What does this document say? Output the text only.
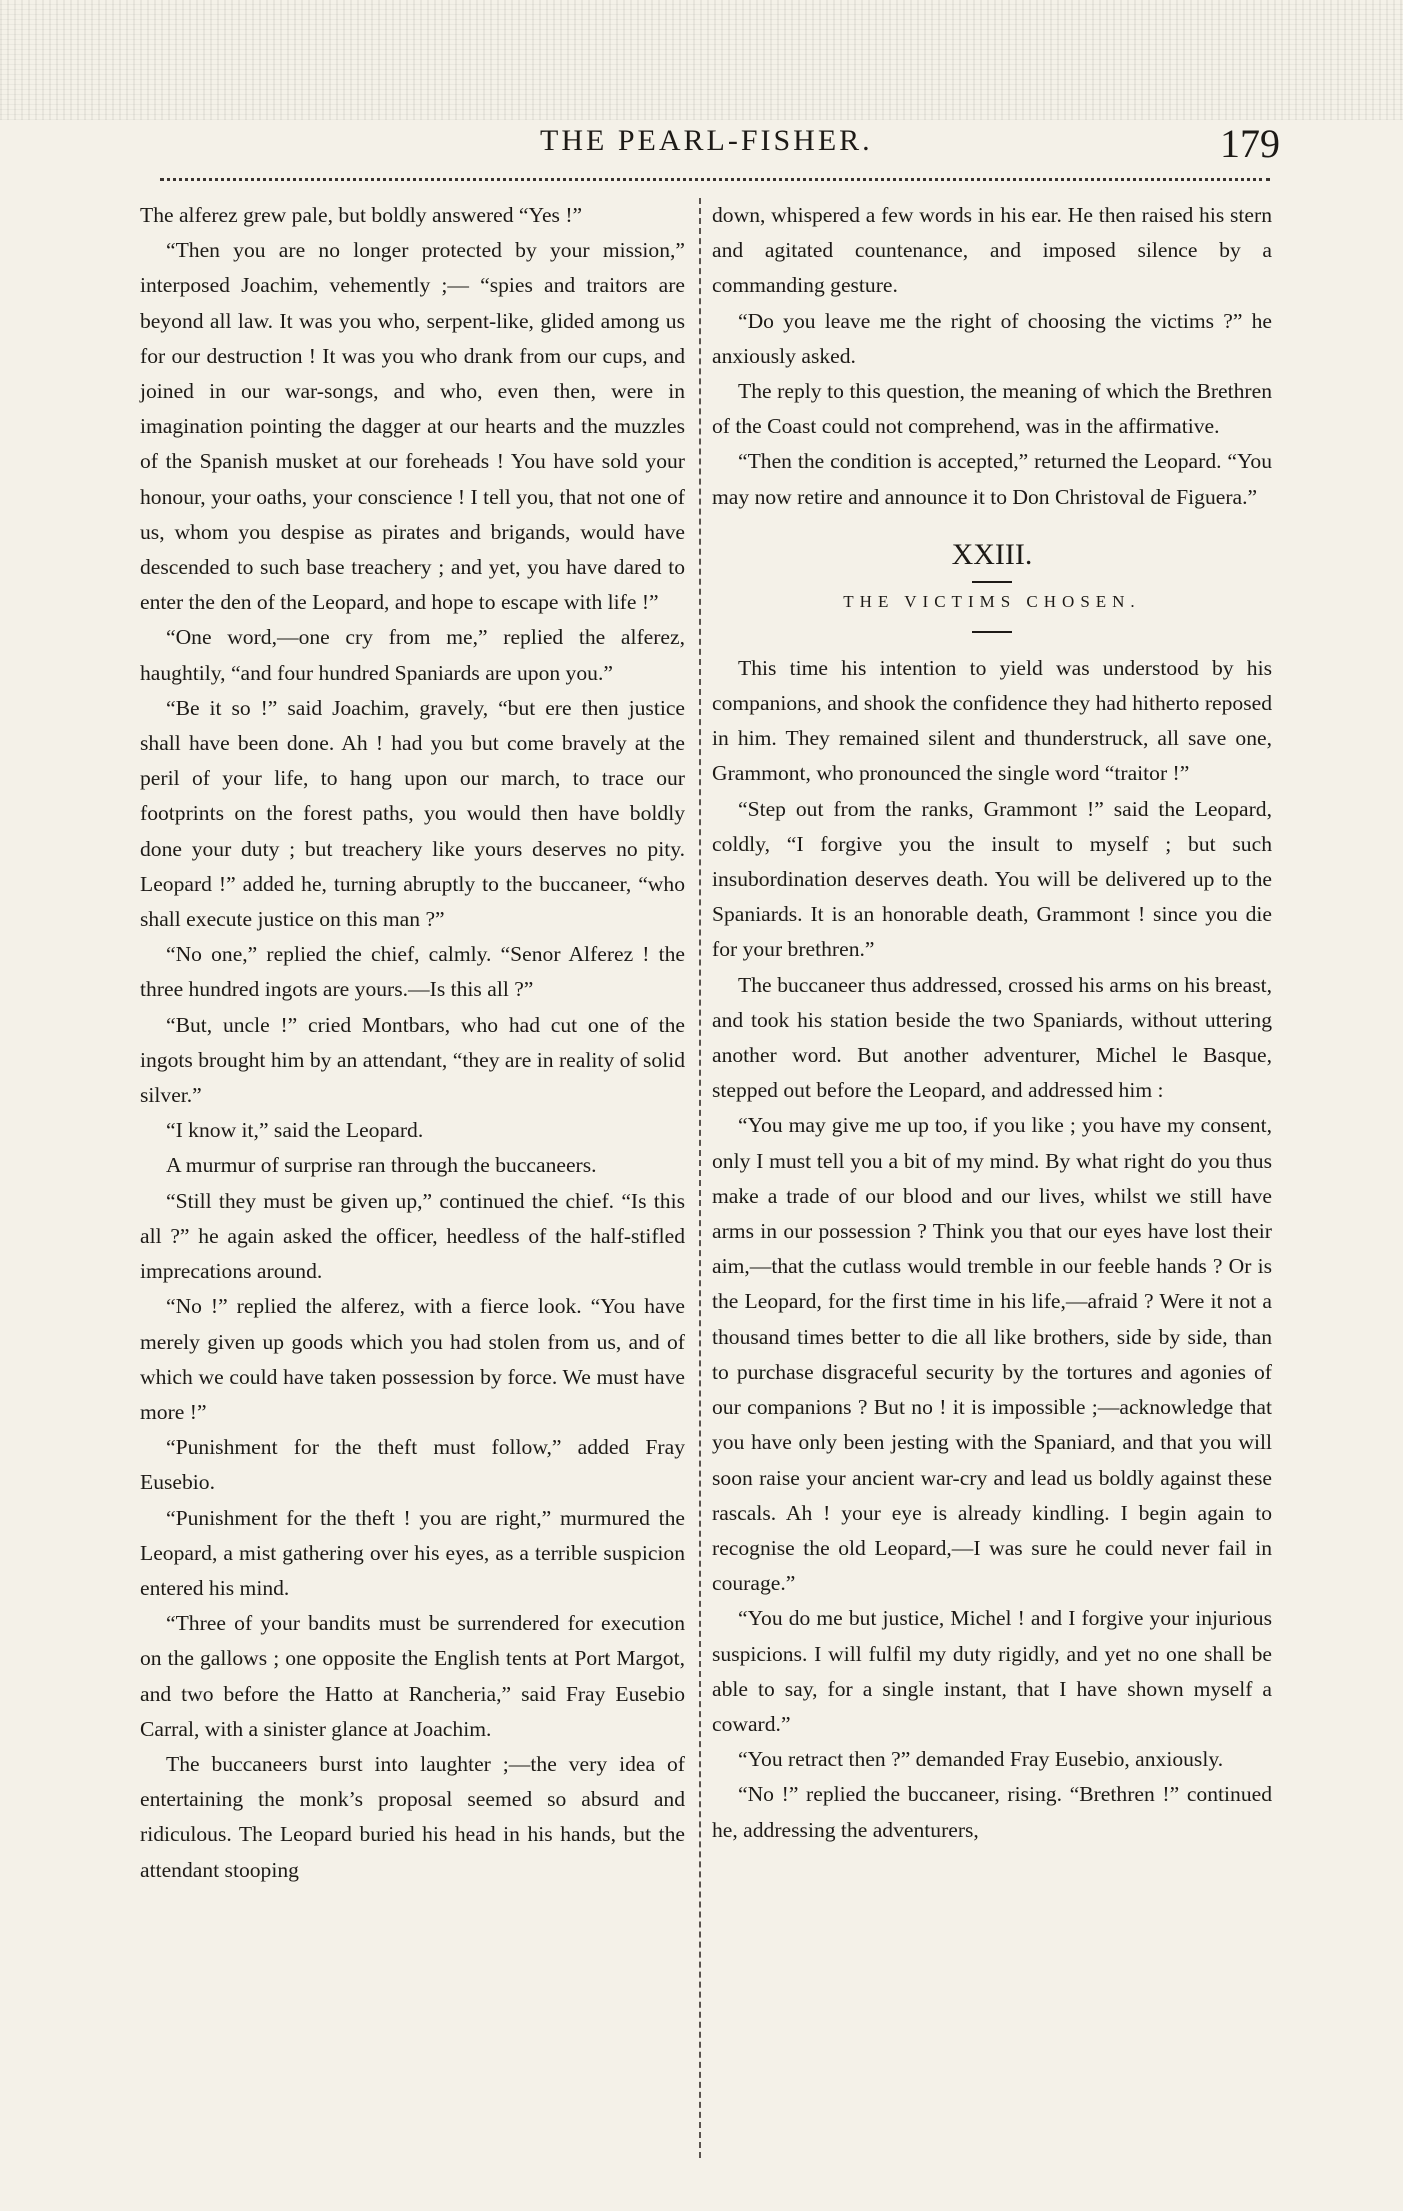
THE PEARL-FISHER.	179

The alferez grew pale, but boldly answered “Yes !”

“Then you are no longer protected by your mission,” interposed Joachim, vehemently ;— “spies and traitors are beyond all law. It was you who, serpent-like, glided among us for our destruction ! It was you who drank from our cups, and joined in our war-songs, and who, even then, were in imagination pointing the dagger at our hearts and the muzzles of the Spanish musket at our foreheads ! You have sold your honour, your oaths, your conscience ! I tell you, that not one of us, whom you despise as pirates and brigands, would have descended to such base treachery ; and yet, you have dared to enter the den of the Leopard, and hope to escape with life !”

“One word,—one cry from me,” replied the alferez, haughtily, “and four hundred Spaniards are upon you.”

“Be it so !” said Joachim, gravely, “but ere then justice shall have been done. Ah ! had you but come bravely at the peril of your life, to hang upon our march, to trace our footprints on the forest paths, you would then have boldly done your duty ; but treachery like yours deserves no pity. Leopard !” added he, turning abruptly to the buccaneer, “who shall execute justice on this man ?”

“No one,” replied the chief, calmly. “Senor Alferez ! the three hundred ingots are yours.—Is this all ?”

“But, uncle !” cried Montbars, who had cut one of the ingots brought him by an attendant, “they are in reality of solid silver.”

“I know it,” said the Leopard.

A murmur of surprise ran through the buccaneers.

“Still they must be given up,” continued the chief. “Is this all ?” he again asked the officer, heedless of the half-stifled imprecations around.

“No !” replied the alferez, with a fierce look. “You have merely given up goods which you had stolen from us, and of which we could have taken possession by force. We must have more !”

“Punishment for the theft must follow,” added Fray Eusebio.

“Punishment for the theft ! you are right,” murmured the Leopard, a mist gathering over his eyes, as a terrible suspicion entered his mind.

“Three of your bandits must be surrendered for execution on the gallows ; one opposite the English tents at Port Margot, and two before the Hatto at Rancheria,” said Fray Eusebio Carral, with a sinister glance at Joachim.

The buccaneers burst into laughter ;—the very idea of entertaining the monk’s proposal seemed so absurd and ridiculous. The Leopard buried his head in his hands, but the attendant stooping

down, whispered a few words in his ear. He then raised his stern and agitated countenance, and imposed silence by a commanding gesture.

“Do you leave me the right of choosing the victims ?” he anxiously asked.

The reply to this question, the meaning of which the Brethren of the Coast could not comprehend, was in the affirmative.

“Then the condition is accepted,” returned the Leopard. “You may now retire and announce it to Don Christoval de Figuera.”

XXIII.

THE VICTIMS CHOSEN.

This time his intention to yield was understood by his companions, and shook the confidence they had hitherto reposed in him. They remained silent and thunderstruck, all save one, Grammont, who pronounced the single word “traitor !”

“Step out from the ranks, Grammont !” said the Leopard, coldly, “I forgive you the insult to myself ; but such insubordination deserves death. You will be delivered up to the Spaniards. It is an honorable death, Grammont ! since you die for your brethren.”

The buccaneer thus addressed, crossed his arms on his breast, and took his station beside the two Spaniards, without uttering another word. But another adventurer, Michel le Basque, stepped out before the Leopard, and addressed him :

“You may give me up too, if you like ; you have my consent, only I must tell you a bit of my mind. By what right do you thus make a trade of our blood and our lives, whilst we still have arms in our possession ? Think you that our eyes have lost their aim,—that the cutlass would tremble in our feeble hands ? Or is the Leopard, for the first time in his life,—afraid ? Were it not a thousand times better to die all like brothers, side by side, than to purchase disgraceful security by the tortures and agonies of our companions ? But no ! it is impossible ;—acknowledge that you have only been jesting with the Spaniard, and that you will soon raise your ancient war-cry and lead us boldly against these rascals. Ah ! your eye is already kindling. I begin again to recognise the old Leopard,—I was sure he could never fail in courage.”

“You do me but justice, Michel ! and I forgive your injurious suspicions. I will fulfil my duty rigidly, and yet no one shall be able to say, for a single instant, that I have shown myself a coward.”

“You retract then ?” demanded Fray Eusebio, anxiously.

“No !” replied the buccaneer, rising. “Brethren !” continued he, addressing the adventurers,
